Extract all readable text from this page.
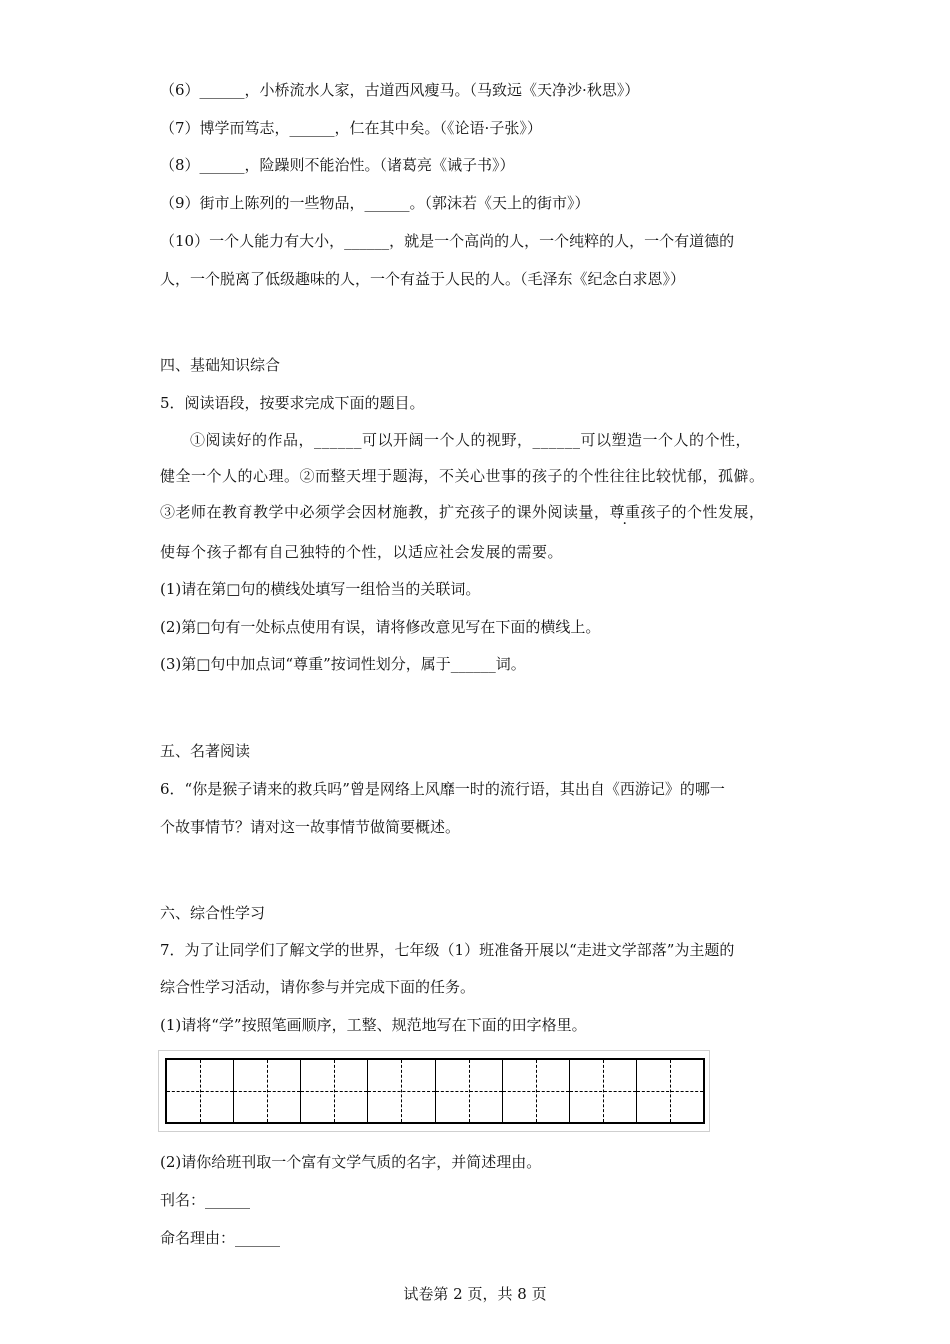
（6）______，小桥流水人家，古道西风瘦马。（马致远《天净沙·秋思》）
（7）博学而笃志，______，仁在其中矣。（《论语·子张》）
（8）______，险躁则不能治性。（诸葛亮《诫子书》）
（9）街市上陈列的一些物品，______。（郭沫若《天上的街市》）
（10）一个人能力有大小，______，就是一个高尚的人，一个纯粹的人，一个有道德的
人，一个脱离了低级趣味的人，一个有益于人民的人。（毛泽东《纪念白求恩》）
四、基础知识综合
5．阅读语段，按要求完成下面的题目。
①阅读好的作品，______可以开阔一个人的视野，______可以塑造一个人的个性，
健全一个人的心理。②而整天埋于题海，不关心世事的孩子的个性往往比较忧郁，孤僻。
③老师在教育教学中必须学会因材施教，扩充孩子的课外阅读量，尊重孩子的个性发展，
使每个孩子都有自己独特的个性，以适应社会发展的需要。
(1)请在第□句的横线处填写一组恰当的关联词。
(2)第□句有一处标点使用有误，请将修改意见写在下面的横线上。
(3)第□句中加点词“尊重”按词性划分，属于______词。
五、名著阅读
6．“你是猴子请来的救兵吗”曾是网络上风靡一时的流行语，其出自《西游记》的哪一
个故事情节？请对这一故事情节做简要概述。
六、综合性学习
7．为了让同学们了解文学的世界，七年级（1）班准备开展以“走进文学部落”为主题的
综合性学习活动，请你参与并完成下面的任务。
(1)请将“学”按照笔画顺序，工整、规范地写在下面的田字格里。
(2)请你给班刊取一个富有文学气质的名字，并简述理由。
刊名：______
命名理由：______
试卷第 2 页，共 8 页
